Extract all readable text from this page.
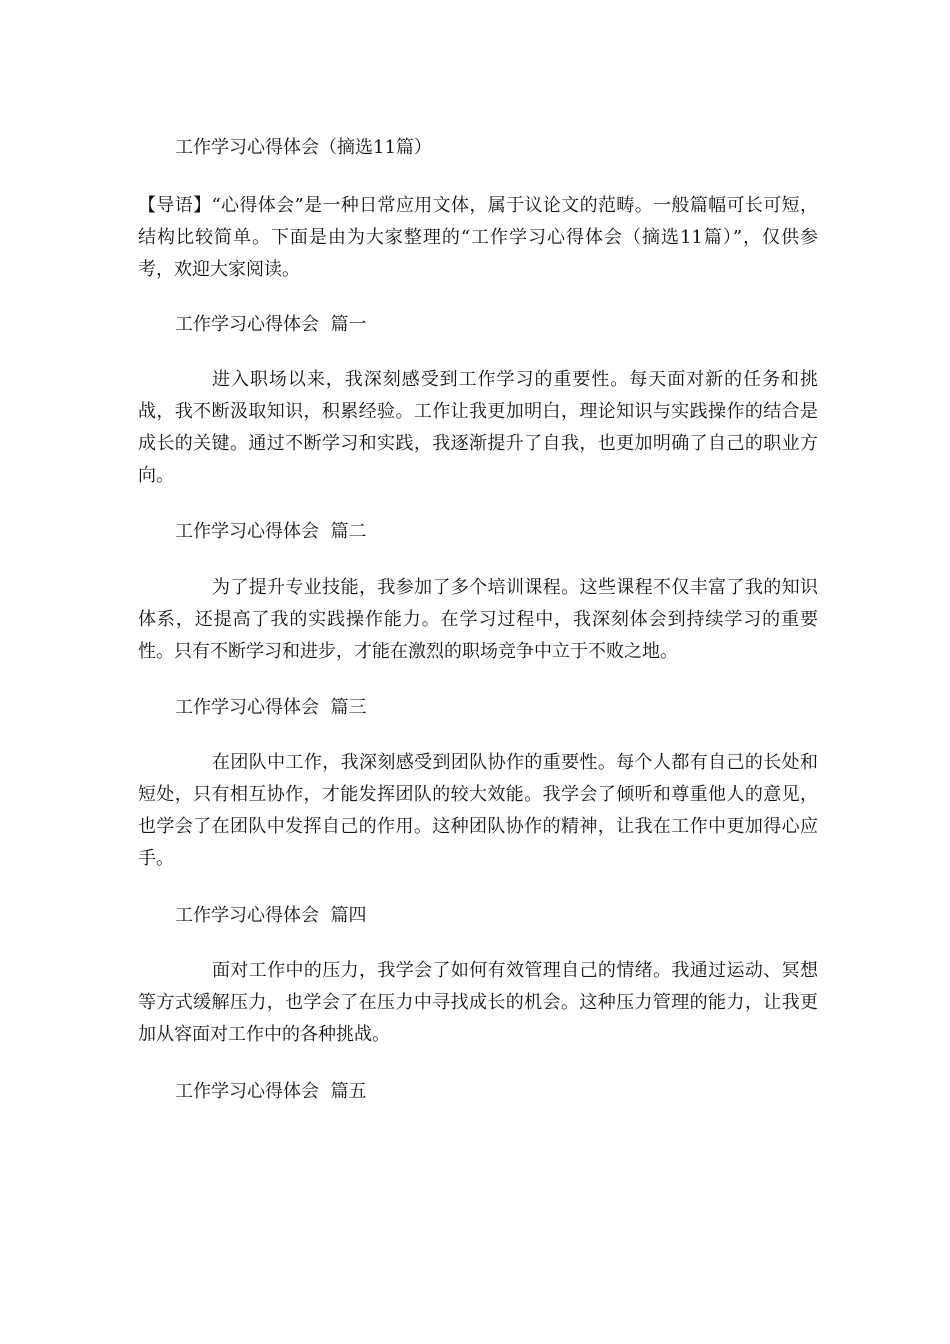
工作学习心得体会（摘选11篇）
【导语】“心得体会”是一种日常应用文体，属于议论文的范畴。一般篇幅可长可短，结构比较简单。下面是由为大家整理的“工作学习心得体会（摘选11篇）”，仅供参考，欢迎大家阅读。
工作学习心得体会  篇一
进入职场以来，我深刻感受到工作学习的重要性。每天面对新的任务和挑战，我不断汲取知识，积累经验。工作让我更加明白，理论知识与实践操作的结合是成长的关键。通过不断学习和实践，我逐渐提升了自我，也更加明确了自己的职业方向。
工作学习心得体会  篇二
为了提升专业技能，我参加了多个培训课程。这些课程不仅丰富了我的知识体系，还提高了我的实践操作能力。在学习过程中，我深刻体会到持续学习的重要性。只有不断学习和进步，才能在激烈的职场竞争中立于不败之地。
工作学习心得体会  篇三
在团队中工作，我深刻感受到团队协作的重要性。每个人都有自己的长处和短处，只有相互协作，才能发挥团队的较大效能。我学会了倾听和尊重他人的意见，也学会了在团队中发挥自己的作用。这种团队协作的精神，让我在工作中更加得心应手。
工作学习心得体会  篇四
面对工作中的压力，我学会了如何有效管理自己的情绪。我通过运动、冥想等方式缓解压力，也学会了在压力中寻找成长的机会。这种压力管理的能力，让我更加从容面对工作中的各种挑战。
工作学习心得体会  篇五
